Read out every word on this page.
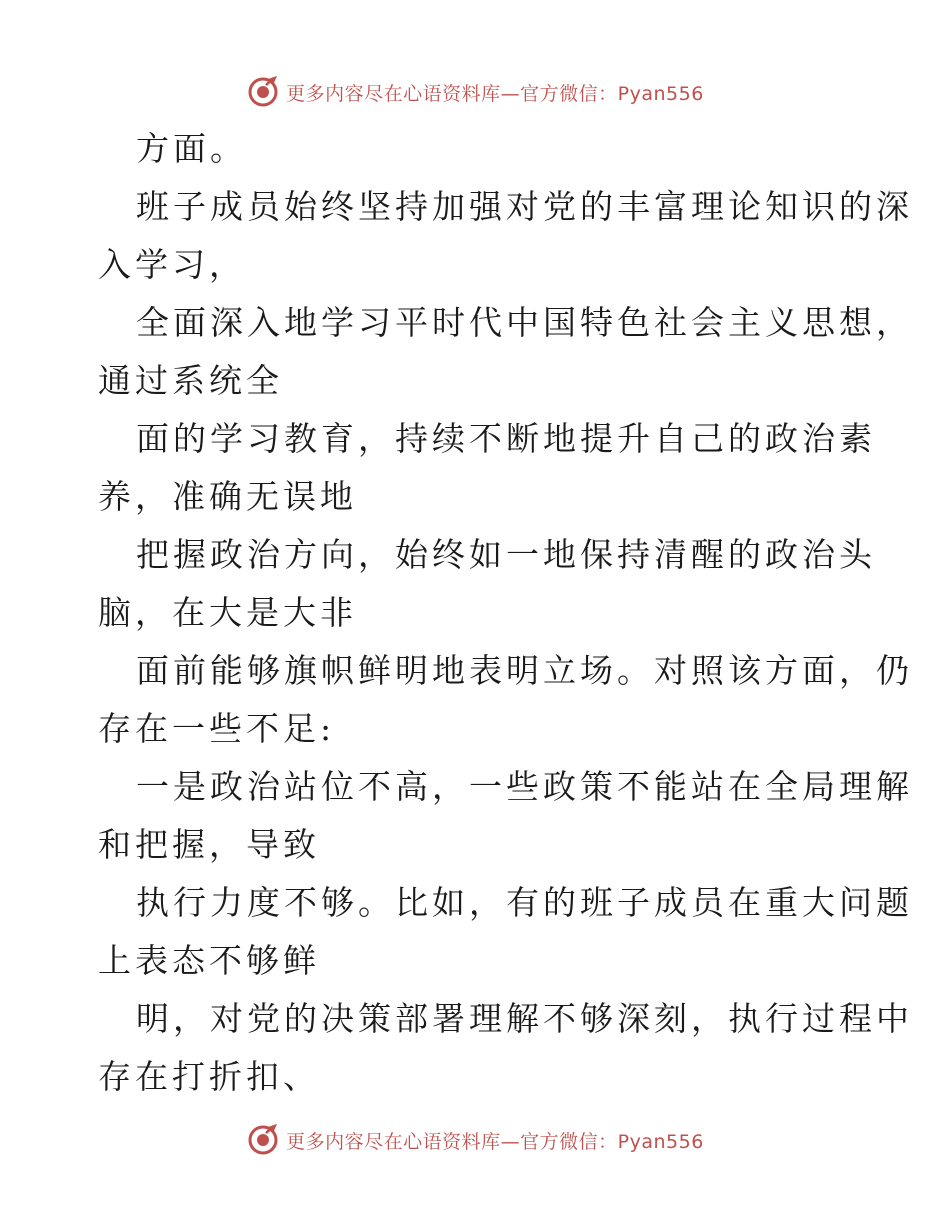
更多内容尽在心语资料库—官方微信：Pyan556
方面。
班子成员始终坚持加强对党的丰富理论知识的深
入学习，
全面深入地学习平时代中国特色社会主义思想，
通过系统全
面的学习教育，持续不断地提升自己的政治素
养，准确无误地
把握政治方向，始终如一地保持清醒的政治头
脑，在大是大非
面前能够旗帜鲜明地表明立场。对照该方面，仍
存在一些不足:
一是政治站位不高，一些政策不能站在全局理解
和把握，导致
执行力度不够。比如，有的班子成员在重大问题
上表态不够鲜
明，对党的决策部署理解不够深刻，执行过程中
存在打折扣、
更多内容尽在心语资料库—官方微信：Pyan556
